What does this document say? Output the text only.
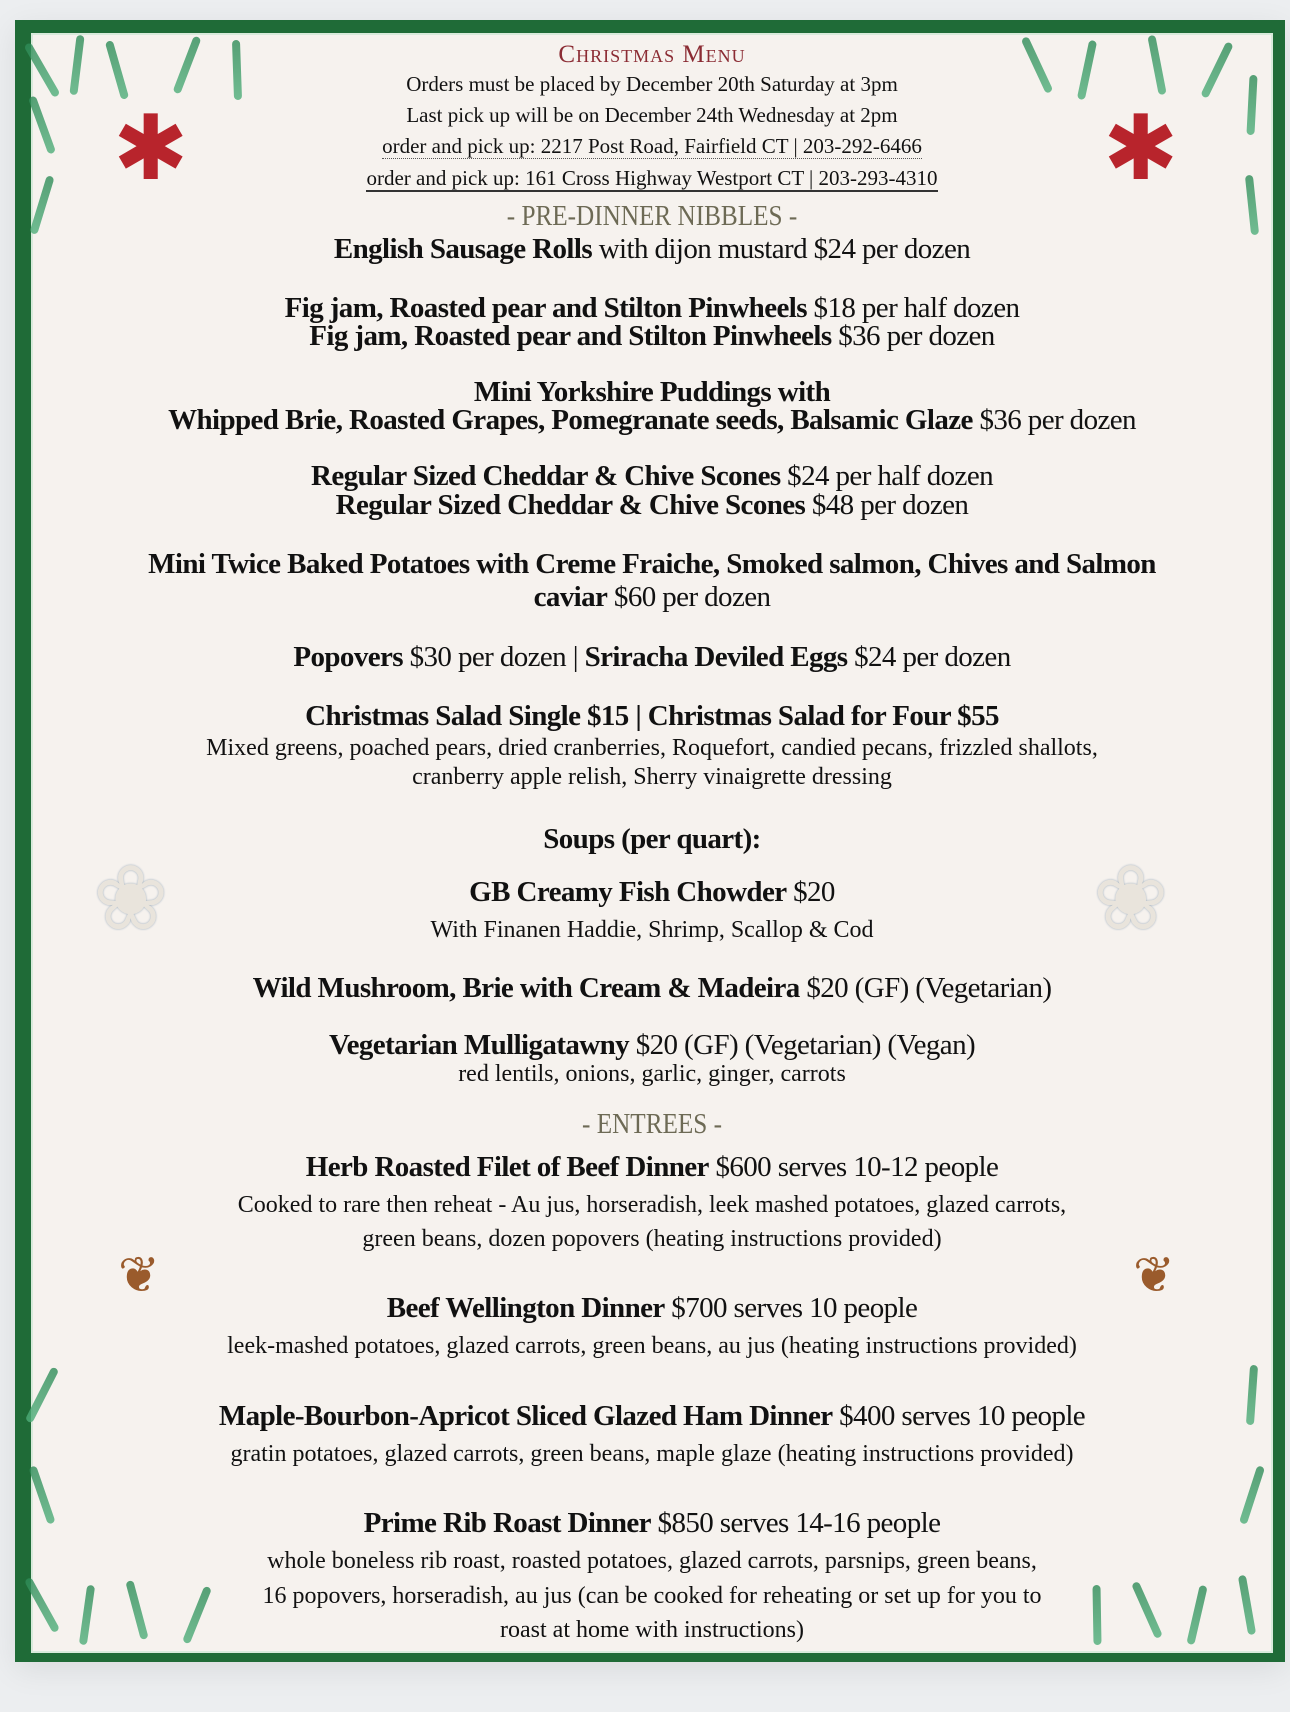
✱	✱
❀	❀
❦	❦
Christmas Menu
Orders must be placed by December 20th Saturday at 3pm
Last pick up will be on December 24th Wednesday at 2pm
order and pick up: 2217 Post Road, Fairfield CT | 203-292-6466
order and pick up: 161 Cross Highway Westport CT | 203-293-4310
- PRE-DINNER NIBBLES -
- ENTREES -
English Sausage Rolls with dijon mustard $24 per dozen
Fig jam, Roasted pear and Stilton Pinwheels $18 per half dozen
Fig jam, Roasted pear and Stilton Pinwheels $36 per dozen
Mini Yorkshire Puddings with
Whipped Brie, Roasted Grapes, Pomegranate seeds, Balsamic Glaze $36 per dozen
Regular Sized Cheddar & Chive Scones $24 per half dozen
Regular Sized Cheddar & Chive Scones $48 per dozen
Mini Twice Baked Potatoes with Creme Fraiche, Smoked salmon, Chives and Salmon
caviar $60 per dozen
Popovers $30 per dozen | Sriracha Deviled Eggs $24 per dozen
Christmas Salad Single $15 | Christmas Salad for Four $55
Mixed greens, poached pears, dried cranberries, Roquefort, candied pecans, frizzled shallots,
cranberry apple relish, Sherry vinaigrette dressing
Soups (per quart):
GB Creamy Fish Chowder $20
With Finanen Haddie, Shrimp, Scallop & Cod
Wild Mushroom, Brie with Cream & Madeira $20 (GF) (Vegetarian)
Vegetarian Mulligatawny $20 (GF) (Vegetarian) (Vegan)
red lentils, onions, garlic, ginger, carrots
Herb Roasted Filet of Beef Dinner $600 serves 10-12 people
Cooked to rare then reheat - Au jus, horseradish, leek mashed potatoes, glazed carrots,
green beans, dozen popovers (heating instructions provided)
Beef Wellington Dinner $700 serves 10 people
leek-mashed potatoes, glazed carrots, green beans, au jus (heating instructions provided)
Maple-Bourbon-Apricot Sliced Glazed Ham Dinner $400 serves 10 people
gratin potatoes, glazed carrots, green beans, maple glaze (heating instructions provided)
Prime Rib Roast Dinner $850 serves 14-16 people
whole boneless rib roast, roasted potatoes, glazed carrots, parsnips, green beans,
16 popovers, horseradish, au jus (can be cooked for reheating or set up for you to
roast at home with instructions)
